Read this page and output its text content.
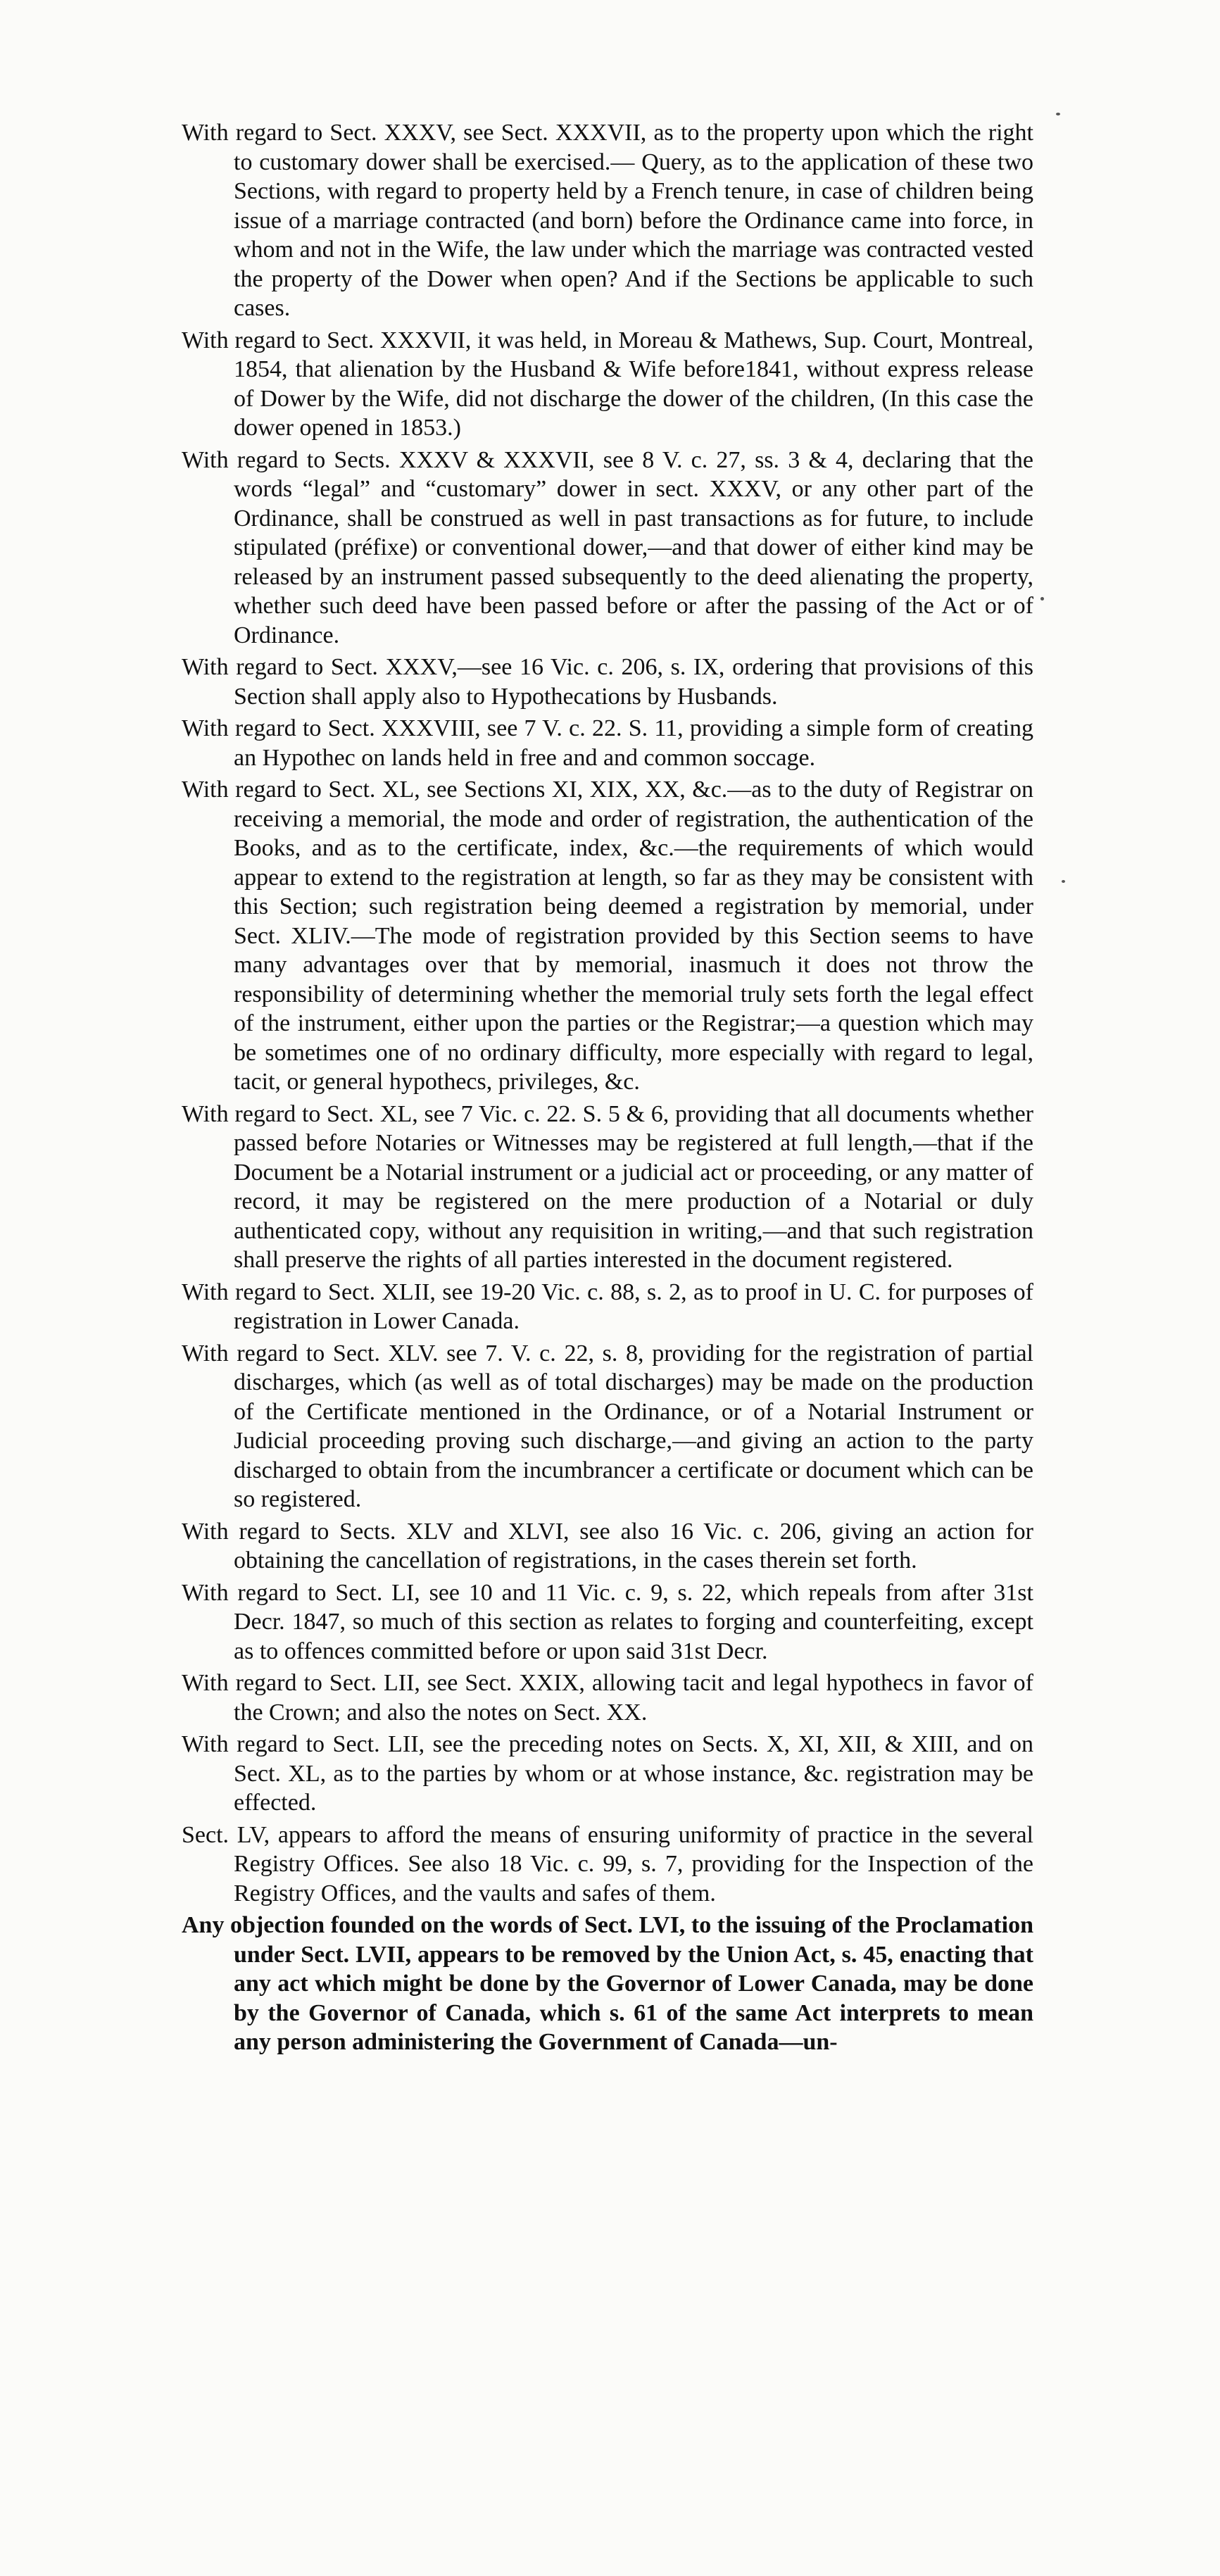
With regard to Sect. XXXV, see Sect. XXXVII, as to the property upon which the right to customary dower shall be exercised.— Query, as to the application of these two Sections, with regard to property held by a French tenure, in case of children being issue of a marriage contracted (and born) before the Ordinance came into force, in whom and not in the Wife, the law under which the marriage was contracted vested the property of the Dower when open? And if the Sections be applicable to such cases.

With regard to Sect. XXXVII, it was held, in Moreau & Mathews, Sup. Court, Montreal, 1854, that alienation by the Husband & Wife before1841, without express release of Dower by the Wife, did not discharge the dower of the children, (In this case the dower opened in 1853.)

With regard to Sects. XXXV & XXXVII, see 8 V. c. 27, ss. 3 & 4, declaring that the words “legal” and “customary” dower in sect. XXXV, or any other part of the Ordinance, shall be construed as well in past transactions as for future, to include stipulated (préfixe) or conventional dower,—and that dower of either kind may be released by an instrument passed subsequently to the deed alienating the property, whether such deed have been passed before or after the passing of the Act or of Ordinance.

With regard to Sect. XXXV,—see 16 Vic. c. 206, s. IX, ordering that provisions of this Section shall apply also to Hypothecations by Husbands.

With regard to Sect. XXXVIII, see 7 V. c. 22. S. 11, providing a simple form of creating an Hypothec on lands held in free and and common soccage.

With regard to Sect. XL, see Sections XI, XIX, XX, &c.—as to the duty of Registrar on receiving a memorial, the mode and order of registration, the authentication of the Books, and as to the certificate, index, &c.—the requirements of which would appear to extend to the registration at length, so far as they may be consistent with this Section; such registration being deemed a registration by memorial, under Sect. XLIV.—The mode of registration provided by this Section seems to have many advantages over that by memorial, inasmuch it does not throw the responsibility of determining whether the memorial truly sets forth the legal effect of the instrument, either upon the parties or the Registrar;—a question which may be sometimes one of no ordinary difficulty, more especially with regard to legal, tacit, or general hypothecs, privileges, &c.

With regard to Sect. XL, see 7 Vic. c. 22. S. 5 & 6, providing that all documents whether passed before Notaries or Witnesses may be registered at full length,—that if the Document be a Notarial instrument or a judicial act or proceeding, or any matter of record, it may be registered on the mere production of a Notarial or duly authenticated copy, without any requisition in writing,—and that such registration shall preserve the rights of all parties interested in the document registered.

With regard to Sect. XLII, see 19-20 Vic. c. 88, s. 2, as to proof in U. C. for purposes of registration in Lower Canada.

With regard to Sect. XLV. see 7. V. c. 22, s. 8, providing for the registration of partial discharges, which (as well as of total discharges) may be made on the production of the Certificate mentioned in the Ordinance, or of a Notarial Instrument or Judicial proceeding proving such discharge,—and giving an action to the party discharged to obtain from the incumbrancer a certificate or document which can be so registered.

With regard to Sects. XLV and XLVI, see also 16 Vic. c. 206, giving an action for obtaining the cancellation of registrations, in the cases therein set forth.

With regard to Sect. LI, see 10 and 11 Vic. c. 9, s. 22, which repeals from after 31st Decr. 1847, so much of this section as relates to forging and counterfeiting, except as to offences committed before or upon said 31st Decr.

With regard to Sect. LII, see Sect. XXIX, allowing tacit and legal hypothecs in favor of the Crown; and also the notes on Sect. XX.

With regard to Sect. LII, see the preceding notes on Sects. X, XI, XII, & XIII, and on Sect. XL, as to the parties by whom or at whose instance, &c. registration may be effected.

Sect. LV, appears to afford the means of ensuring uniformity of practice in the several Registry Offices. See also 18 Vic. c. 99, s. 7, providing for the Inspection of the Registry Offices, and the vaults and safes of them.

Any objection founded on the words of Sect. LVI, to the issuing of the Proclamation under Sect. LVII, appears to be removed by the Union Act, s. 45, enacting that any act which might be done by the Governor of Lower Canada, may be done by the Governor of Canada, which s. 61 of the same Act interprets to mean any person administering the Government of Canada—un-
